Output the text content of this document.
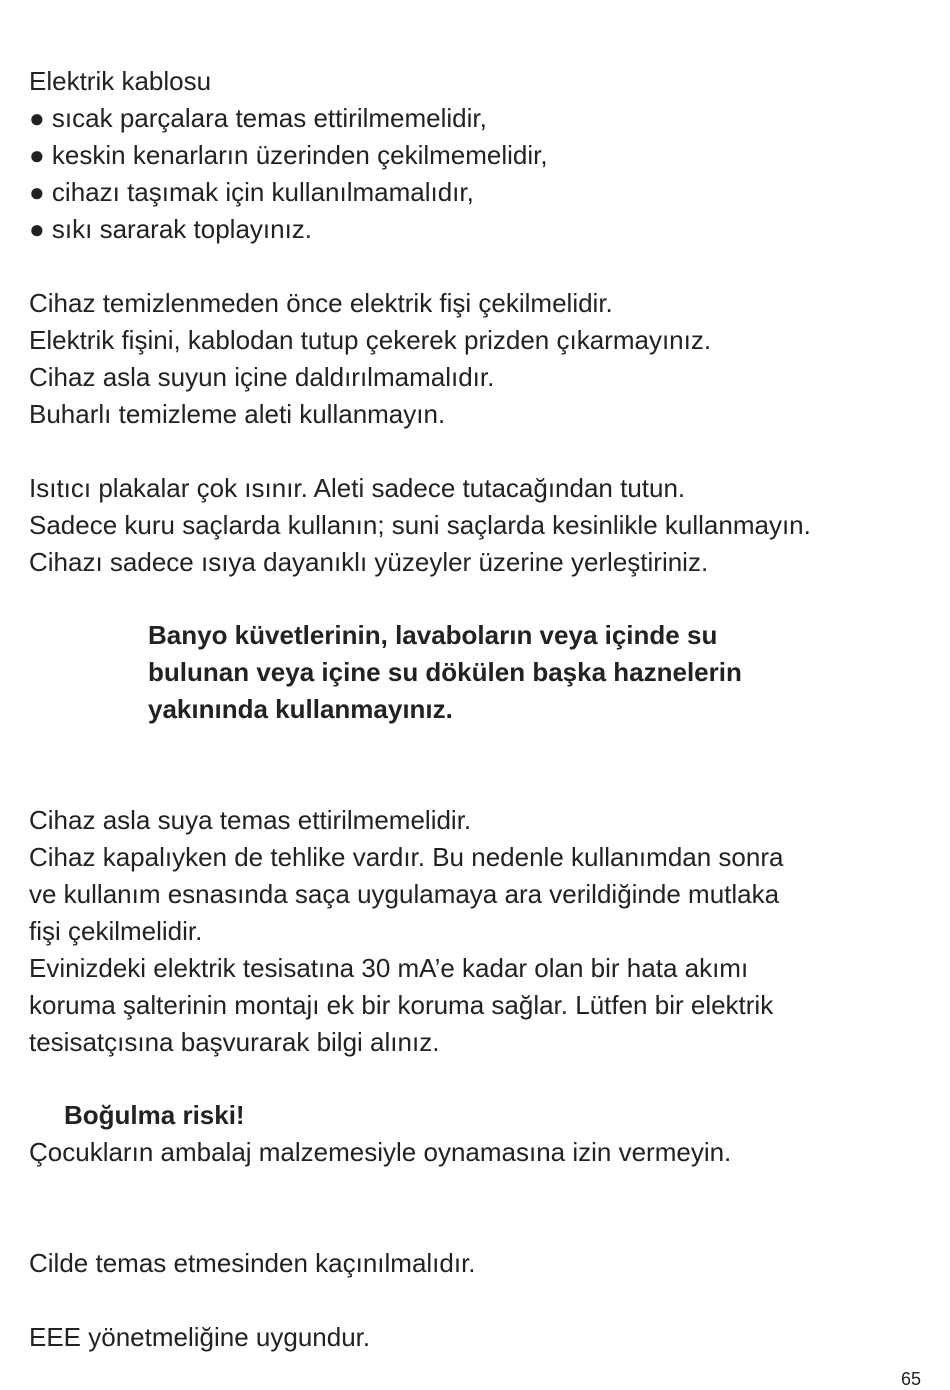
Elektrik kablosu
● sıcak parçalara temas ettirilmemelidir,
● keskin kenarların üzerinden çekilmemelidir,
● cihazı taşımak için kullanılmamalıdır,
● sıkı sararak toplayınız.
Cihaz temizlenmeden önce elektrik fişi çekilmelidir.
Elektrik fişini, kablodan tutup çekerek prizden çıkarmayınız.
Cihaz asla suyun içine daldırılmamalıdır.
Buharlı temizleme aleti kullanmayın.
Isıtıcı plakalar çok ısınır. Aleti sadece tutacağından tutun.
Sadece kuru saçlarda kullanın; suni saçlarda kesinlikle kullanmayın.
Cihazı sadece ısıya dayanıklı yüzeyler üzerine yerleştiriniz.
Banyo küvetlerinin, lavaboların veya içinde su
bulunan veya içine su dökülen başka haznelerin
yakınında kullanmayınız.
Cihaz asla suya temas ettirilmemelidir.
Cihaz kapalıyken de tehlike vardır. Bu nedenle kullanımdan sonra
ve kullanım esnasında saça uygulamaya ara verildiğinde mutlaka
fişi çekilmelidir.
Evinizdeki elektrik tesisatına 30 mA’e kadar olan bir hata akımı
koruma şalterinin montajı ek bir koruma sağlar. Lütfen bir elektrik
tesisatçısına başvurarak bilgi alınız.
Boğulma riski!
Çocukların ambalaj malzemesiyle oynamasına izin vermeyin.
Cilde temas etmesinden kaçınılmalıdır.
EEE yönetmeliğine uygundur.
65
